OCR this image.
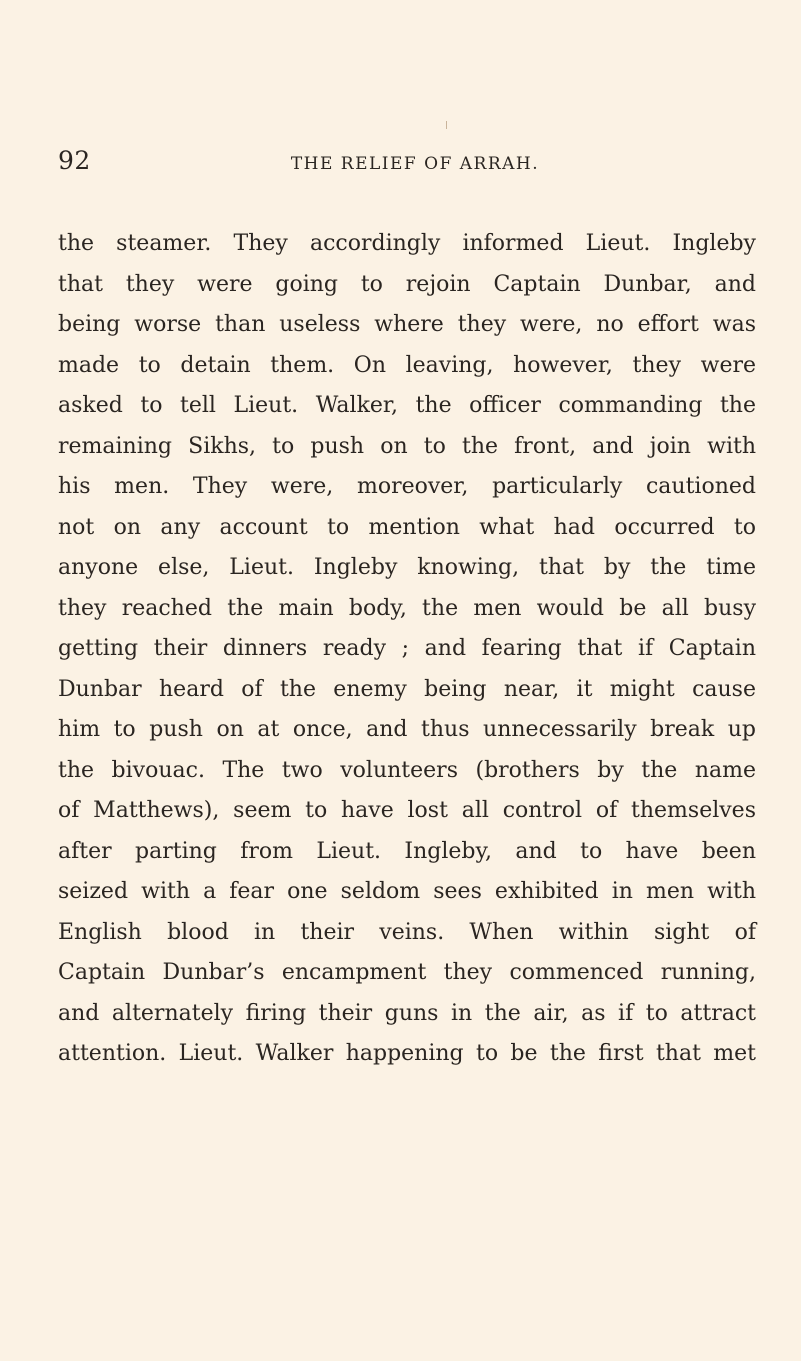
92	THE RELIEF OF ARRAH.
the steamer. They accordingly informed Lieut. Ingleby
that they were going to rejoin Captain Dunbar, and
being worse than useless where they were, no effort was
made to detain them. On leaving, however, they were
asked to tell Lieut. Walker, the officer commanding the
remaining Sikhs, to push on to the front, and join with
his men. They were, moreover, particularly cautioned
not on any account to mention what had occurred to
anyone else, Lieut. Ingleby knowing, that by the time
they reached the main body, the men would be all busy
getting their dinners ready ; and fearing that if Captain
Dunbar heard of the enemy being near, it might cause
him to push on at once, and thus unnecessarily break up
the bivouac. The two volunteers (brothers by the name
of Matthews), seem to have lost all control of themselves
after parting from Lieut. Ingleby, and to have been
seized with a fear one seldom sees exhibited in men with
English blood in their veins. When within sight of
Captain Dunbar’s encampment they commenced running,
and alternately firing their guns in the air, as if to attract
attention. Lieut. Walker happening to be the first that met
